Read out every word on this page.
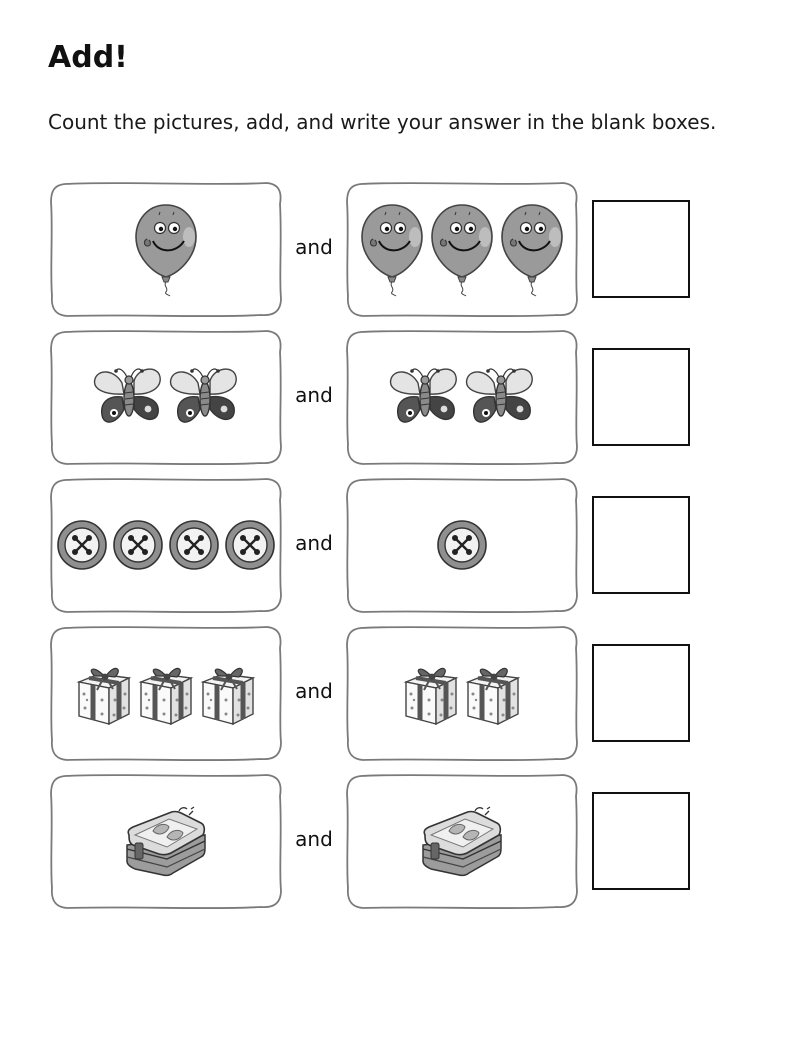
Add!
Count the pictures, add, and write your answer in the blank boxes.
and
and
and
and
and
